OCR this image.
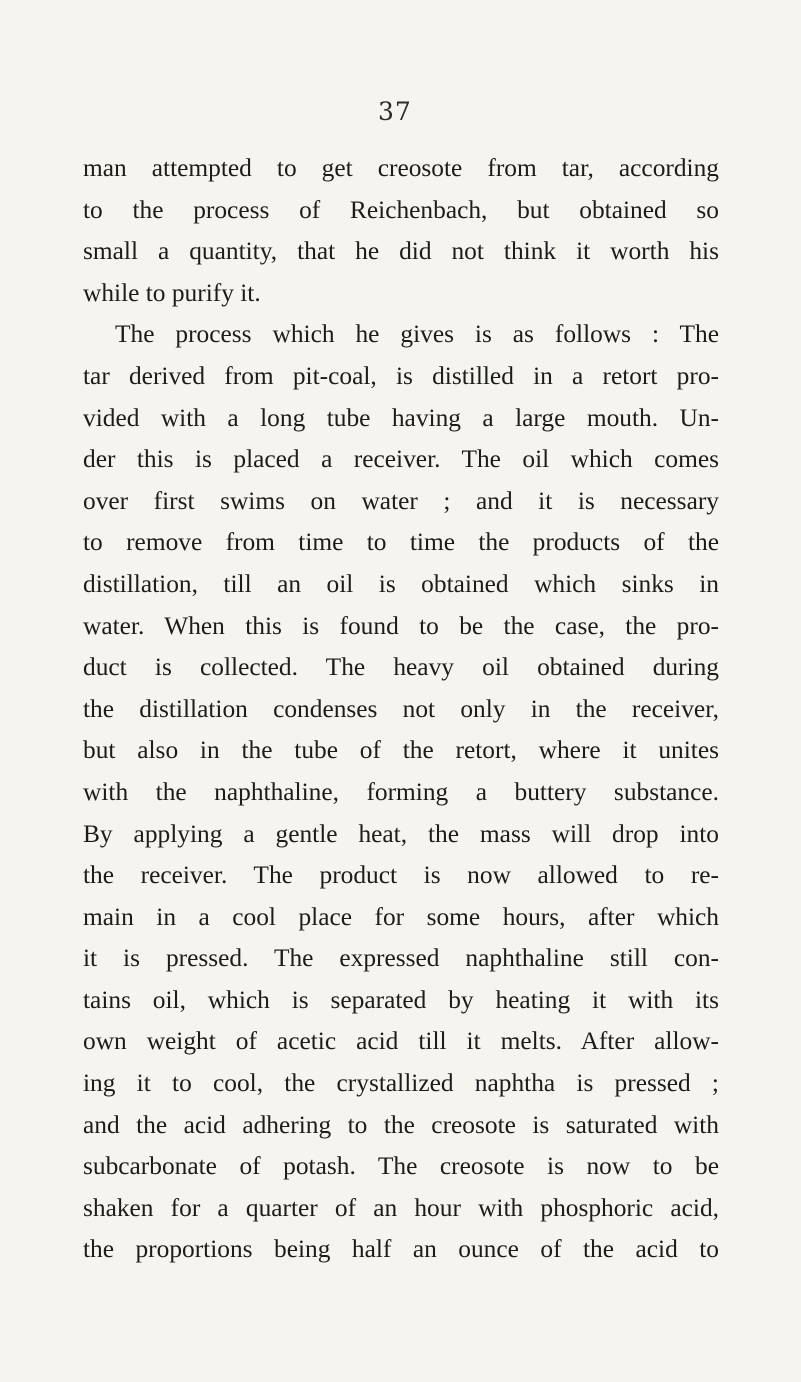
37
man attempted to get creosote from tar, according
to the process of Reichenbach, but obtained so
small a quantity, that he did not think it worth his
while to purify it.
The process which he gives is as follows : The
tar derived from pit-coal, is distilled in a retort pro-
vided with a long tube having a large mouth. Un-
der this is placed a receiver. The oil which comes
over first swims on water ; and it is necessary
to remove from time to time the products of the
distillation, till an oil is obtained which sinks in
water. When this is found to be the case, the pro-
duct is collected. The heavy oil obtained during
the distillation condenses not only in the receiver,
but also in the tube of the retort, where it unites
with the naphthaline, forming a buttery substance.
By applying a gentle heat, the mass will drop into
the receiver. The product is now allowed to re-
main in a cool place for some hours, after which
it is pressed. The expressed naphthaline still con-
tains oil, which is separated by heating it with its
own weight of acetic acid till it melts. After allow-
ing it to cool, the crystallized naphtha is pressed ;
and the acid adhering to the creosote is saturated with
subcarbonate of potash. The creosote is now to be
shaken for a quarter of an hour with phosphoric acid,
the proportions being half an ounce of the acid to
